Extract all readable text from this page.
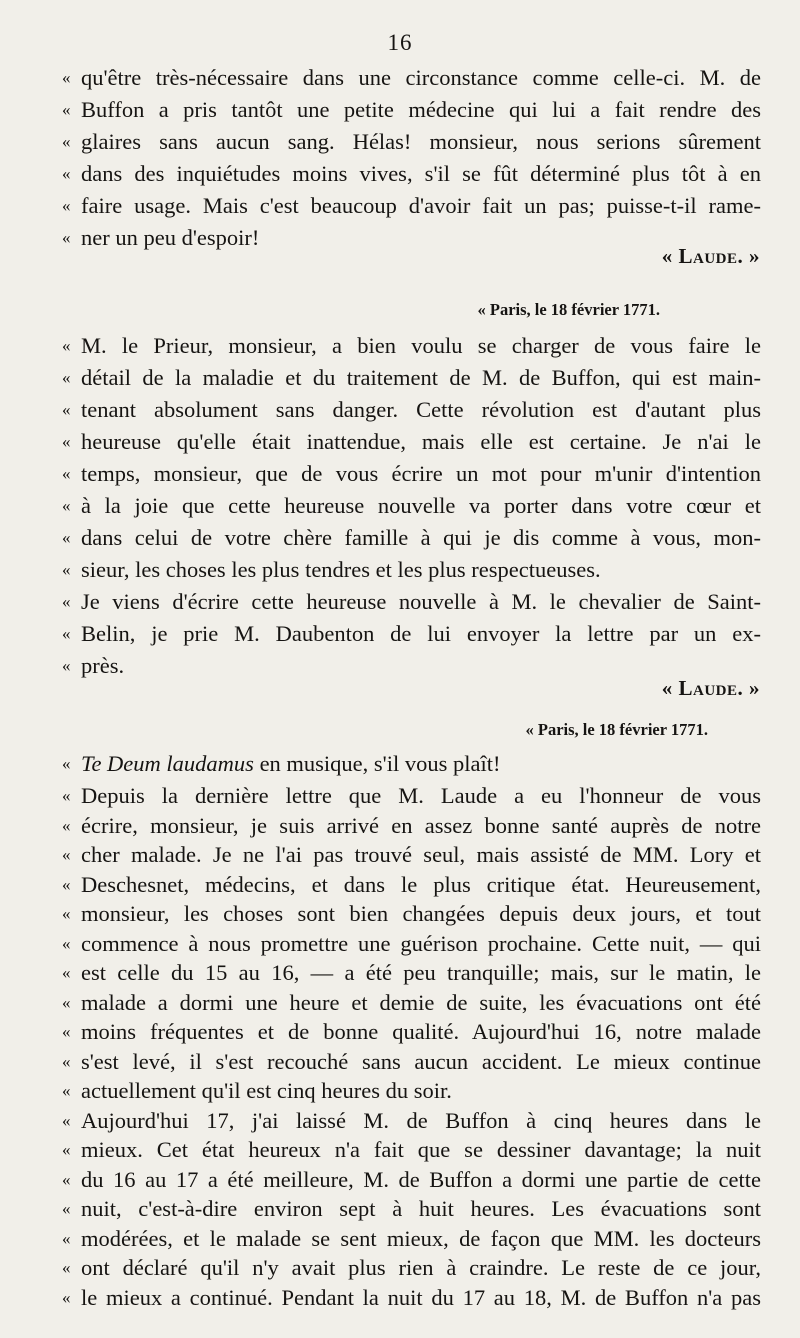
16
« qu'être très-nécessaire dans une circonstance comme celle-ci. M. de
« Buffon a pris tantôt une petite médecine qui lui a fait rendre des
« glaires sans aucun sang. Hélas! monsieur, nous serions sûrement
« dans des inquiétudes moins vives, s'il se fût déterminé plus tôt à en
« faire usage. Mais c'est beaucoup d'avoir fait un pas; puisse-t-il rame-
« ner un peu d'espoir!
« Laude. »
« Paris, le 18 février 1771.
« M. le Prieur, monsieur, a bien voulu se charger de vous faire le
« détail de la maladie et du traitement de M. de Buffon, qui est main-
« tenant absolument sans danger. Cette révolution est d'autant plus
« heureuse qu'elle était inattendue, mais elle est certaine. Je n'ai le
« temps, monsieur, que de vous écrire un mot pour m'unir d'intention
« à la joie que cette heureuse nouvelle va porter dans votre cœur et
« dans celui de votre chère famille à qui je dis comme à vous, mon-
« sieur, les choses les plus tendres et les plus respectueuses.
« Je viens d'écrire cette heureuse nouvelle à M. le chevalier de Saint-
« Belin, je prie M. Daubenton de lui envoyer la lettre par un ex-
« près.
« Laude. »
« Paris, le 18 février 1771.
« Te Deum laudamus en musique, s'il vous plaît!
« Depuis la dernière lettre que M. Laude a eu l'honneur de vous
« écrire, monsieur, je suis arrivé en assez bonne santé auprès de notre
« cher malade. Je ne l'ai pas trouvé seul, mais assisté de MM. Lory et
« Deschesnet, médecins, et dans le plus critique état. Heureusement,
« monsieur, les choses sont bien changées depuis deux jours, et tout
« commence à nous promettre une guérison prochaine. Cette nuit, — qui
« est celle du 15 au 16, — a été peu tranquille; mais, sur le matin, le
« malade a dormi une heure et demie de suite, les évacuations ont été
« moins fréquentes et de bonne qualité. Aujourd'hui 16, notre malade
« s'est levé, il s'est recouché sans aucun accident. Le mieux continue
« actuellement qu'il est cinq heures du soir.
« Aujourd'hui 17, j'ai laissé M. de Buffon à cinq heures dans le
« mieux. Cet état heureux n'a fait que se dessiner davantage; la nuit
« du 16 au 17 a été meilleure, M. de Buffon a dormi une partie de cette
« nuit, c'est-à-dire environ sept à huit heures. Les évacuations sont
« modérées, et le malade se sent mieux, de façon que MM. les docteurs
« ont déclaré qu'il n'y avait plus rien à craindre. Le reste de ce jour,
« le mieux a continué. Pendant la nuit du 17 au 18, M. de Buffon n'a pas
